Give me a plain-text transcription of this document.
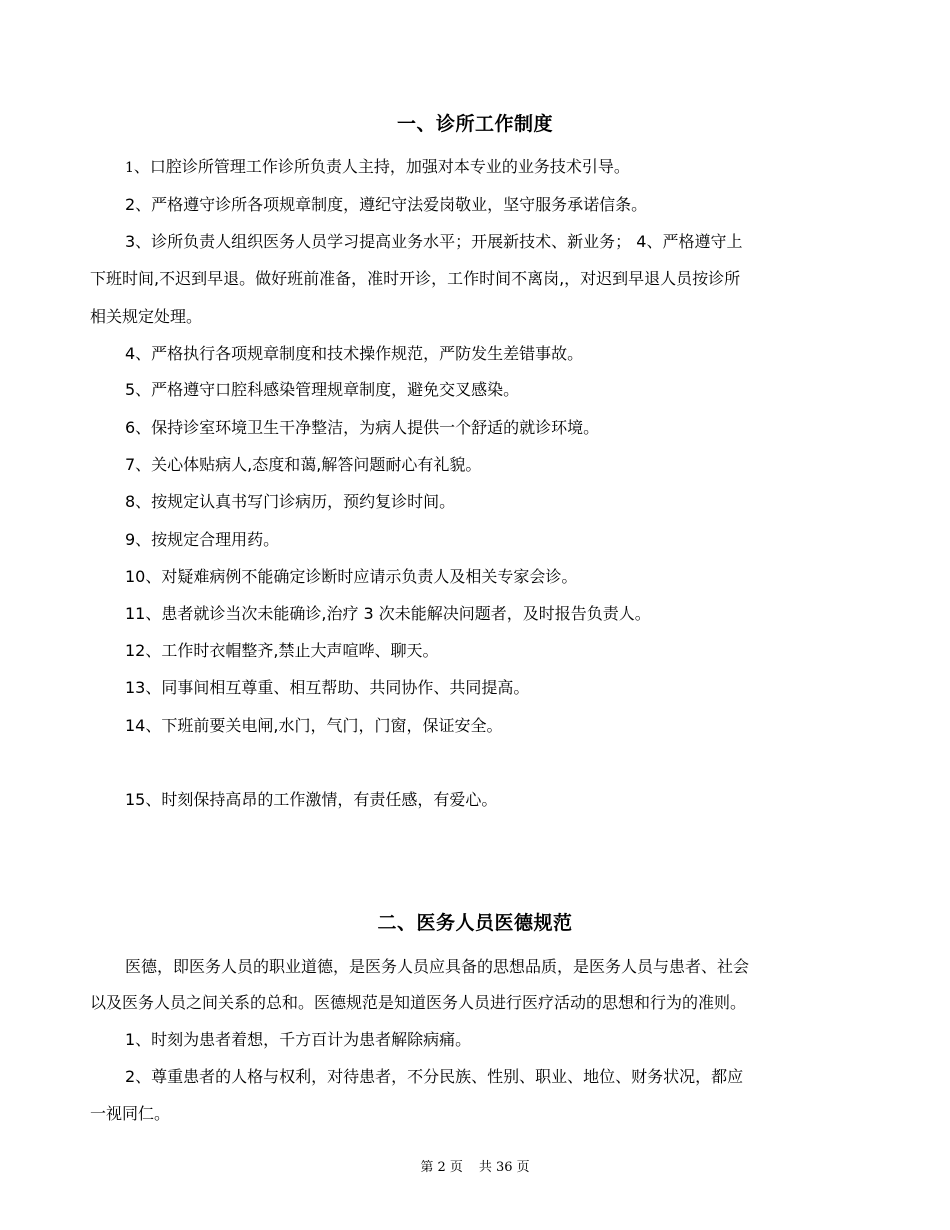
一、诊所工作制度
1、口腔诊所管理工作诊所负责人主持，加强对本专业的业务技术引导。
2、严格遵守诊所各项规章制度，遵纪守法爱岗敬业，坚守服务承诺信条。
3、诊所负责人组织医务人员学习提高业务水平；开展新技术、新业务； 4、严格遵守上
下班时间,不迟到早退。做好班前准备，准时开诊，工作时间不离岗,，对迟到早退人员按诊所
相关规定处理。
4、严格执行各项规章制度和技术操作规范，严防发生差错事故。
5、严格遵守口腔科感染管理规章制度，避免交叉感染。
6、保持诊室环境卫生干净整洁，为病人提供一个舒适的就诊环境。
7、关心体贴病人,态度和蔼,解答问题耐心有礼貌。
8、按规定认真书写门诊病历，预约复诊时间。
9、按规定合理用药。
10、对疑难病例不能确定诊断时应请示负责人及相关专家会诊。
11、患者就诊当次未能确诊,治疗 3 次未能解决问题者，及时报告负责人。
12、工作时衣帽整齐,禁止大声喧哗、聊天。
13、同事间相互尊重、相互帮助、共同协作、共同提高。
14、下班前要关电闸,水门，气门，门窗，保证安全。
15、时刻保持高昂的工作激情，有责任感，有爱心。
二、医务人员医德规范
医德，即医务人员的职业道德，是医务人员应具备的思想品质，是医务人员与患者、社会
以及医务人员之间关系的总和。医德规范是知道医务人员进行医疗活动的思想和行为的准则。
1、时刻为患者着想，千方百计为患者解除病痛。
2、尊重患者的人格与权利，对待患者，不分民族、性别、职业、地位、财务状况，都应
一视同仁。
第 2 页 共 36 页
